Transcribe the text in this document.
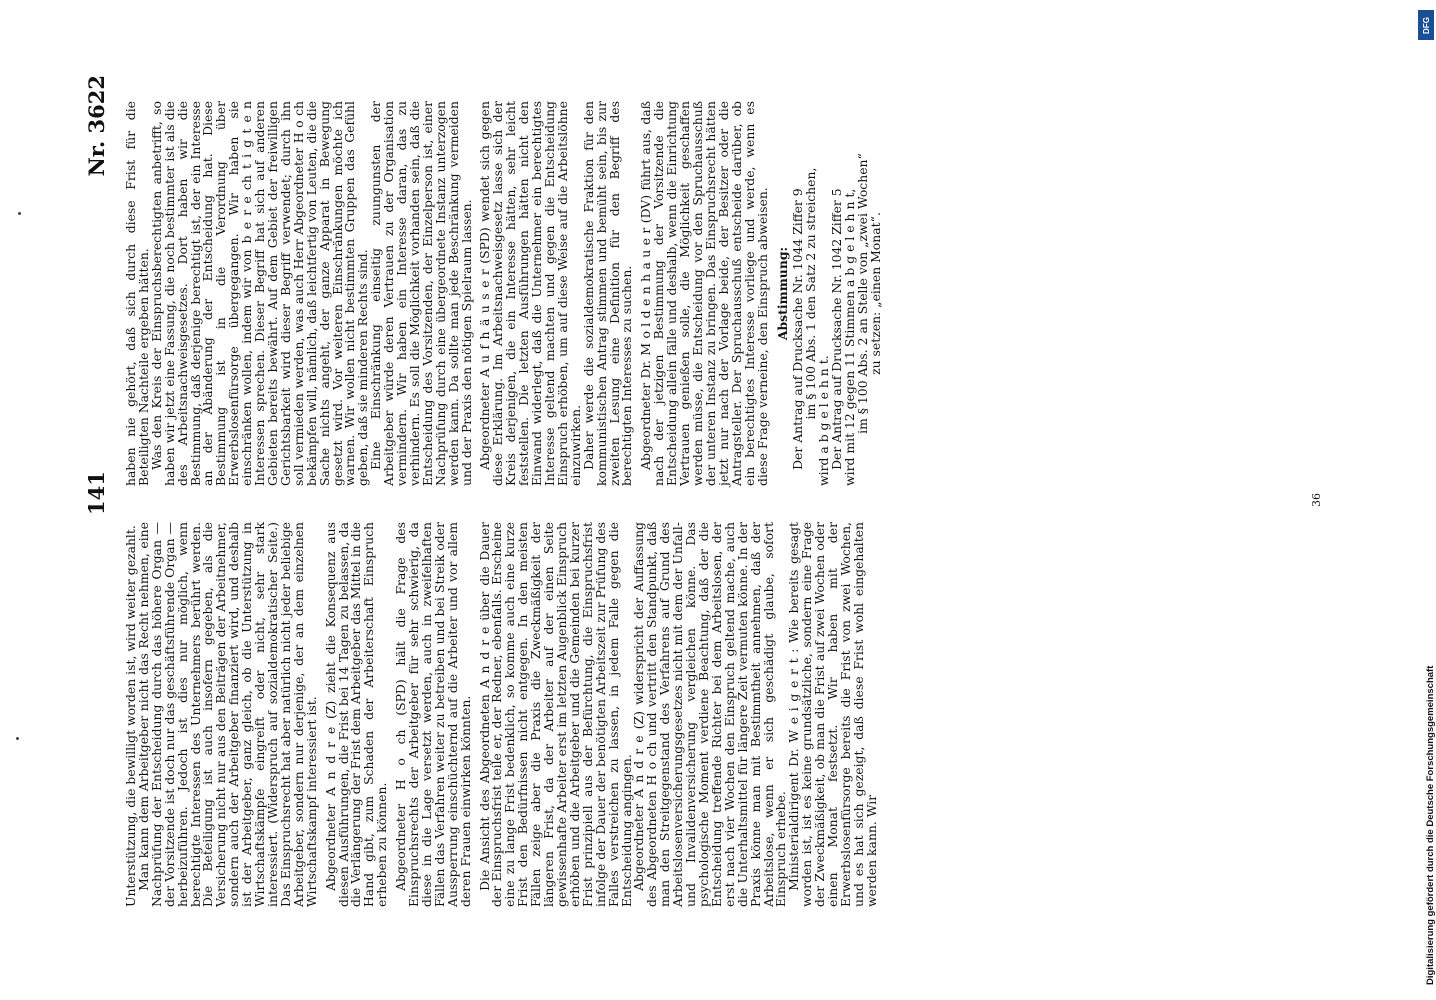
141
Nr. 3622

Unterstützung, die bewilligt worden ist, wird weiter gezahlt.

Man kann dem Arbeitgeber nicht das Recht nehmen, eine Nachprüfung der Entscheidung durch das höhere Organ — der Vorsitzende ist doch nur das geschäftsführende Organ — herbeizuführen. Jedoch ist dies nur möglich, wenn berechtigte Interessen des Unternehmers berührt werden. Die Beteiligung ist auch insofern gegeben, als die Versicherung nicht nur aus den Beiträgen der Arbeitnehmer, sondern auch der Arbeitgeber finanziert wird, und deshalb ist der Arbeitgeber, ganz gleich, ob die Unterstützung in Wirtschaftskämpfe eingreift oder nicht, sehr stark interessiert. (Widerspruch auf sozialdemokratischer Seite.) Das Einspruchsrecht hat aber natürlich nicht jeder beliebige Arbeitgeber, sondern nur derjenige, der an dem einzelnen Wirtschaftskampf interessiert ist. Abgeordneter A n d r e (Z) zieht die Konsequenz aus diesen Ausführungen, die Frist bei 14 Tagen zu belassen, da die Verlängerung der Frist dem Arbeitgeber das Mittel in die Hand gibt, zum Schaden der Arbeiterschaft Einspruch erheben zu können. Abgeordneter H o ch (SPD) hält die Frage des Einspruchsrechts der Arbeitgeber für sehr schwierig, da diese in die Lage versetzt werden, auch in zweifelhaften Fällen das Verfahren weiter zu betreiben und bei Streik oder Aussperrung einschüchternd auf die Arbeiter und vor allem deren Frauen einwirken könnten. Die Ansicht des Abgeordneten A n d r e über die Dauer der Einspruchsfrist teile er, der Redner, ebenfalls. Erscheine eine zu lange Frist bedenklich, so komme auch eine kurze Frist den Bedürfnissen nicht entgegen. In den meisten Fällen zeige aber die Praxis die Zweckmäßigkeit der längeren Frist, da der Arbeiter auf der einen Seite gewissenhafte Arbeiter erst im letzten Augenblick Einspruch erhöben und die Arbeitgeber und die Gemeinden bei kurzer Frist prinzipiell aus der Befürchtung, die Einspruchsfrist infolge der Dauer der benötigten Arbeitszeit zur Prüfung des Falles verstreichen zu lassen, in jedem Falle gegen die Entscheidung angingen.

Abgeordneter A n d r e (Z) widerspricht der Auffassung des Abgeordneten H o ch und vertritt den Standpunkt, daß man den Streitgegenstand des Verfahrens auf Grund des Arbeitslosenversicherungsgesetzes nicht mit dem der Unfall- und Invalidenversicherung vergleichen könne. Das psychologische Moment verdiene Beachtung, daß der die Entscheidung treffende Richter bei dem Arbeitslosen, der erst nach vier Wochen den Einspruch geltend mache, auch die Unterhaltsmittel für längere Zeit vermuten könne. In der Praxis könne man mit Bestimmtheit annehmen, daß der Arbeitslose, wenn er sich geschädigt glaube, sofort Einspruch erhebe.

Ministerialdirigent Dr. W e i g e r t : Wie bereits gesagt worden ist, ist es keine grundsätzliche, sondern eine Frage der Zweckmäßigkeit, ob man die Frist auf zwei Wochen oder einen Monat festsetzt. Wir haben mit der Erwerbslosenfürsorge bereits die Frist von zwei Wochen, und es hat sich gezeigt, daß diese Frist wohl eingehalten werden kann. Wir

haben nie gehört, daß sich durch diese Frist für die Beteiligten Nachteile ergeben hätten.

Was den Kreis der Einspruchsberechtigten anbetrifft, so haben wir jetzt eine Fassung, die noch bestimmter ist als die des Arbeitsnachweisgesetzes. Dort haben wir die Bestimmung, daß derjenige berechtigt ist, der ein Interesse an der Abänderung der Entscheidung hat. Diese Bestimmung ist in die Verordnung über Erwerbslosenfürsorge übergegangen. Wir haben sie einschränken wollen, indem wir von b e r e ch t i g t e n Interessen sprechen. Dieser Begriff hat sich auf anderen Gebieten bereits bewährt. Auf dem Gebiet der freiwilligen Gerichtsbarkeit wird dieser Begriff verwendet; durch ihn soll vermieden werden, was auch Herr Abgeordneter H o ch bekämpfen will, nämlich, daß leichtfertig von Leuten, die die Sache nichts angeht, der ganze Apparat in Bewegung gesetzt wird. Vor weiteren Einschränkungen möchte ich warnen. Wir wollen nicht bestimmten Gruppen das Gefühl geben, daß sie minderen Rechts sind.

Eine Einschränkung einseitig zuungunsten der Arbeitgeber würde deren Vertrauen zu der Organisation vermindern. Wir haben ein Interesse daran, das zu verhindern. Es soll die Möglichkeit vorhanden sein, daß die Entscheidung des Vorsitzenden, der Einzelperson ist, einer Nachprüfung durch eine übergeordnete Instanz unterzogen werden kann. Da sollte man jede Beschränkung vermeiden und der Praxis den nötigen Spielraum lassen. Abgeordneter A u f h ä u s e r (SPD) wendet sich gegen diese Erklärung. Im Arbeitsnachweisgesetz lasse sich der Kreis derjenigen, die ein Interesse hätten, sehr leicht feststellen. Die letzten Ausführungen hätten nicht den Einwand widerlegt, daß die Unternehmer ein berechtigtes Interesse geltend machten und gegen die Entscheidung Einspruch erhöben, um auf diese Weise auf die Arbeitslöhne einzuwirken.

Daher werde die sozialdemokratische Fraktion für den kommunistischen Antrag stimmen und bemüht sein, bis zur zweiten Lesung eine Definition für den Begriff des berechtigten Interesses zu suchen. Abgeordneter Dr. M o l d e n h a u e r (DV) führt aus, daß nach der jetzigen Bestimmung der Vorsitzende die Entscheidung allein fälle und deshalb, wenn die Einrichtung Vertrauen genießen solle, die Möglichkeit geschaffen werden müsse, die Entscheidung vor den Spruchausschuß der unteren Instanz zu bringen. Das Einspruchsrecht hätten jetzt nur nach der Vorlage beide, der Besitzer oder die Antragsteller. Der Spruchausschuß entscheide darüber, ob ein berechtigtes Interesse vorliege und werde, wenn es diese Frage verneine, den Einspruch abweisen. Abstimmung: Der Antrag auf Drucksache Nr. 1044 Ziffer 9

im § 100 Abs. 1 den Satz 2 zu streichen,

wird a b g e l e h n t.

Der Antrag auf Drucksache Nr. 1042 Ziffer 5

wird mit 12 gegen 11 Stimmen a b g e l e h n t,

im § 100 Abs. 2 an Stelle von „zwei Wochen“

zu setzen: „einen Monat“.

36
Digitalisierung gefördert durch die Deutsche Forschungsgemeinschaft
DFG
